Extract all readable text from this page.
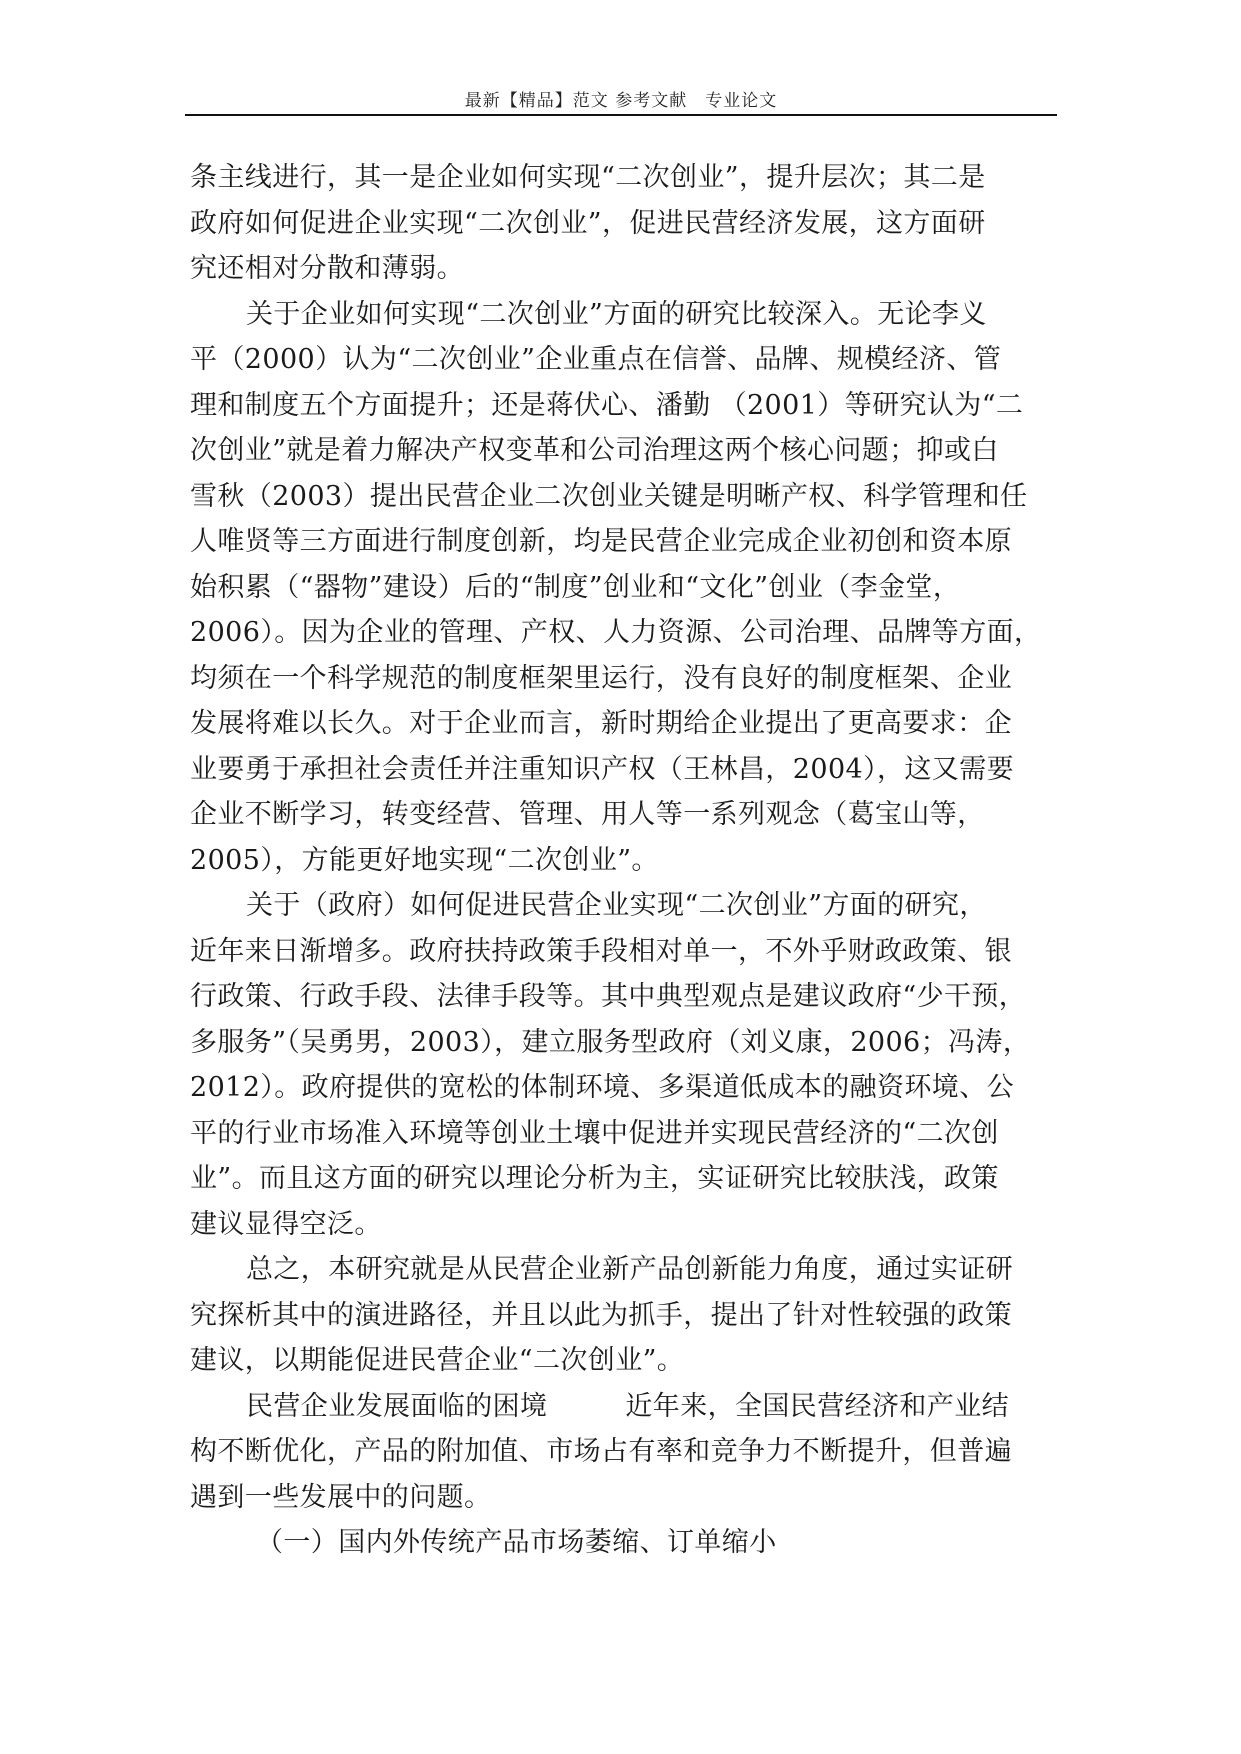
最新【精品】范文 参考文献　专业论文
条主线进行，其一是企业如何实现“二次创业”，提升层次；其二是
政府如何促进企业实现“二次创业”，促进民营经济发展，这方面研
究还相对分散和薄弱。
关于企业如何实现“二次创业”方面的研究比较深入。无论李义
平（2000）认为“二次创业”企业重点在信誉、品牌、规模经济、管
理和制度五个方面提升；还是蒋伏心、潘勤 （2001）等研究认为“二
次创业”就是着力解决产权变革和公司治理这两个核心问题；抑或白
雪秋（2003）提出民营企业二次创业关键是明晰产权、科学管理和任
人唯贤等三方面进行制度创新，均是民营企业完成企业初创和资本原
始积累（“器物”建设）后的“制度”创业和“文化”创业（李金堂，
2006）。因为企业的管理、产权、人力资源、公司治理、品牌等方面，
均须在一个科学规范的制度框架里运行，没有良好的制度框架、企业
发展将难以长久。对于企业而言，新时期给企业提出了更高要求：企
业要勇于承担社会责任并注重知识产权（王林昌，2004），这又需要
企业不断学习，转变经营、管理、用人等一系列观念（葛宝山等，
2005），方能更好地实现“二次创业”。
关于（政府）如何促进民营企业实现“二次创业”方面的研究，
近年来日渐增多。政府扶持政策手段相对单一，不外乎财政政策、银
行政策、行政手段、法律手段等。其中典型观点是建议政府“少干预，
多服务”（吴勇男，2003），建立服务型政府（刘义康，2006；冯涛，
2012）。政府提供的宽松的体制环境、多渠道低成本的融资环境、公
平的行业市场准入环境等创业土壤中促进并实现民营经济的“二次创
业”。而且这方面的研究以理论分析为主，实证研究比较肤浅，政策
建议显得空泛。
总之，本研究就是从民营企业新产品创新能力角度，通过实证研
究探析其中的演进路径，并且以此为抓手，提出了针对性较强的政策
建议，以期能促进民营企业“二次创业”。
民营企业发展面临的困境	近年来，全国民营经济和产业结
构不断优化，产品的附加值、市场占有率和竞争力不断提升，但普遍
遇到一些发展中的问题。
（一）国内外传统产品市场萎缩、订单缩小
